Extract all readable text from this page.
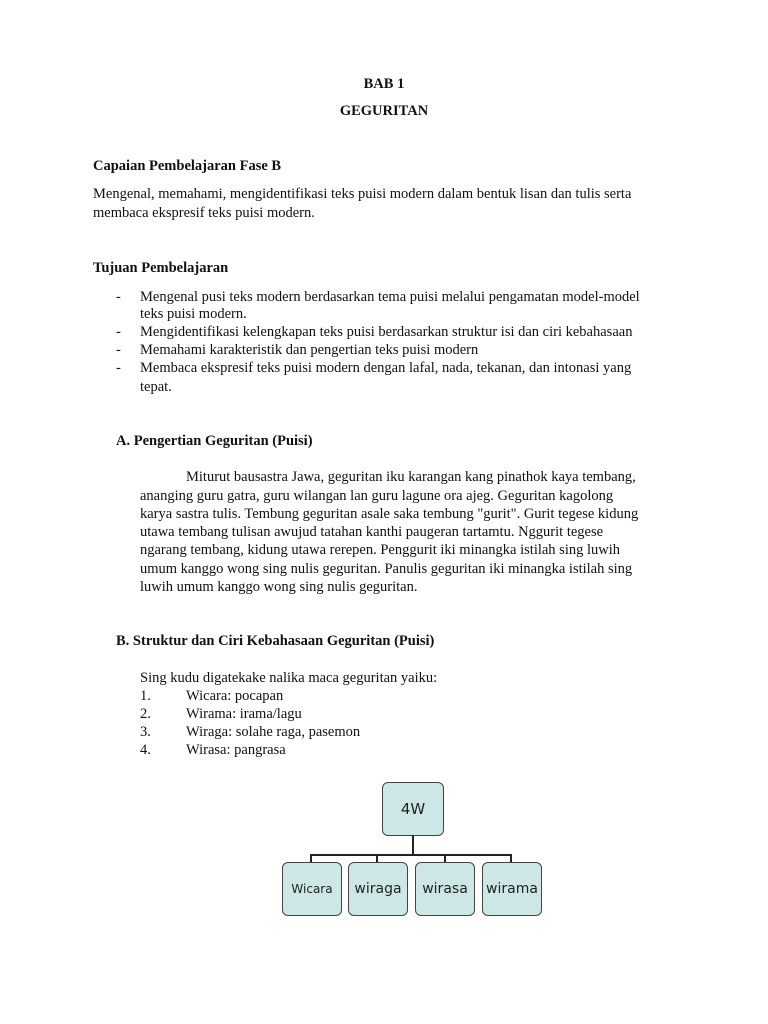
BAB 1
GEGURITAN
Capaian Pembelajaran Fase B
Mengenal, memahami, mengidentifikasi teks puisi modern dalam bentuk lisan dan tulis serta
membaca ekspresif teks puisi modern.
Tujuan Pembelajaran
- Mengenal pusi teks modern berdasarkan tema puisi melalui pengamatan model-model
teks puisi modern.
- Mengidentifikasi kelengkapan teks puisi berdasarkan struktur isi dan ciri kebahasaan
- Memahami karakteristik dan pengertian teks puisi modern
- Membaca ekspresif teks puisi modern dengan lafal, nada, tekanan, dan intonasi yang
tepat.
A. Pengertian Geguritan (Puisi)
Miturut bausastra Jawa, geguritan iku karangan kang pinathok kaya tembang,
ananging guru gatra, guru wilangan lan guru lagune ora ajeg. Geguritan kagolong
karya sastra tulis. Tembung geguritan asale saka tembung "gurit". Gurit tegese kidung
utawa tembang tulisan awujud tatahan kanthi paugeran tartamtu. Nggurit tegese
ngarang tembang, kidung utawa rerepen. Penggurit iki minangka istilah sing luwih
umum kanggo wong sing nulis geguritan. Panulis geguritan iki minangka istilah sing
luwih umum kanggo wong sing nulis geguritan.
B. Struktur dan Ciri Kebahasaan Geguritan (Puisi)
Sing kudu digatekake nalika maca geguritan yaiku:
1. Wicara: pocapan
2. Wirama: irama/lagu
3. Wiraga: solahe raga, pasemon
4. Wirasa: pangrasa
4W
Wicara	wiraga	wirasa	wirama
